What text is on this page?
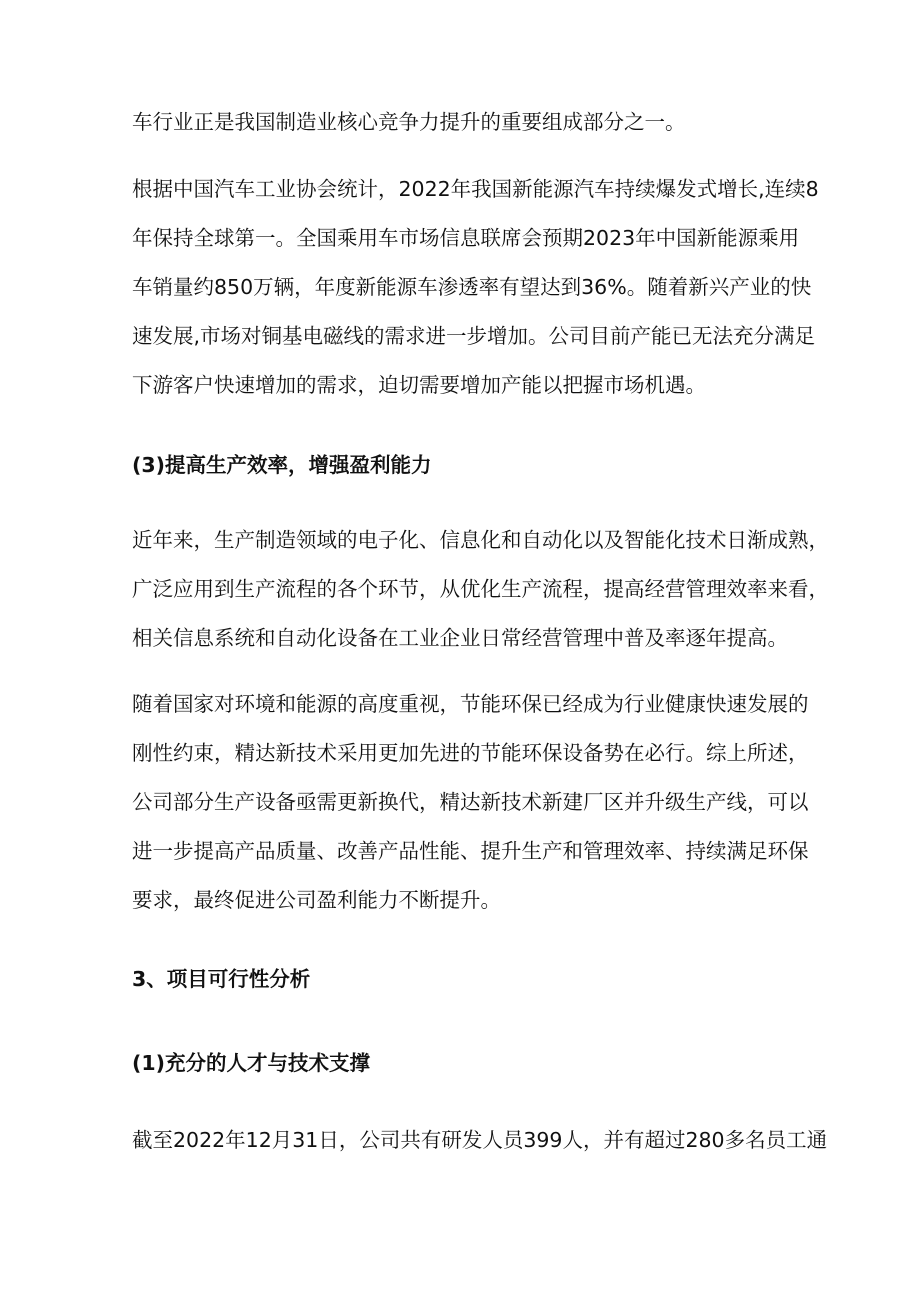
车行业正是我国制造业核心竞争力提升的重要组成部分之一。
根据中国汽车工业协会统计，2022年我国新能源汽车持续爆发式增长,连续8
年保持全球第一。全国乘用车市场信息联席会预期2023年中国新能源乘用
车销量约850万辆，年度新能源车渗透率有望达到36%。随着新兴产业的快
速发展,市场对铜基电磁线的需求进一步增加。公司目前产能已无法充分满足
下游客户快速增加的需求，迫切需要增加产能以把握市场机遇。
(3)提高生产效率，增强盈利能力
近年来，生产制造领域的电子化、信息化和自动化以及智能化技术日渐成熟，
广泛应用到生产流程的各个环节，从优化生产流程，提高经营管理效率来看，
相关信息系统和自动化设备在工业企业日常经营管理中普及率逐年提高。
随着国家对环境和能源的高度重视，节能环保已经成为行业健康快速发展的
刚性约束，精达新技术采用更加先进的节能环保设备势在必行。综上所述，
公司部分生产设备亟需更新换代，精达新技术新建厂区并升级生产线，可以
进一步提高产品质量、改善产品性能、提升生产和管理效率、持续满足环保
要求，最终促进公司盈利能力不断提升。
3、项目可行性分析
(1)充分的人才与技术支撑
截至2022年12月31日，公司共有研发人员399人，并有超过280多名员工通
